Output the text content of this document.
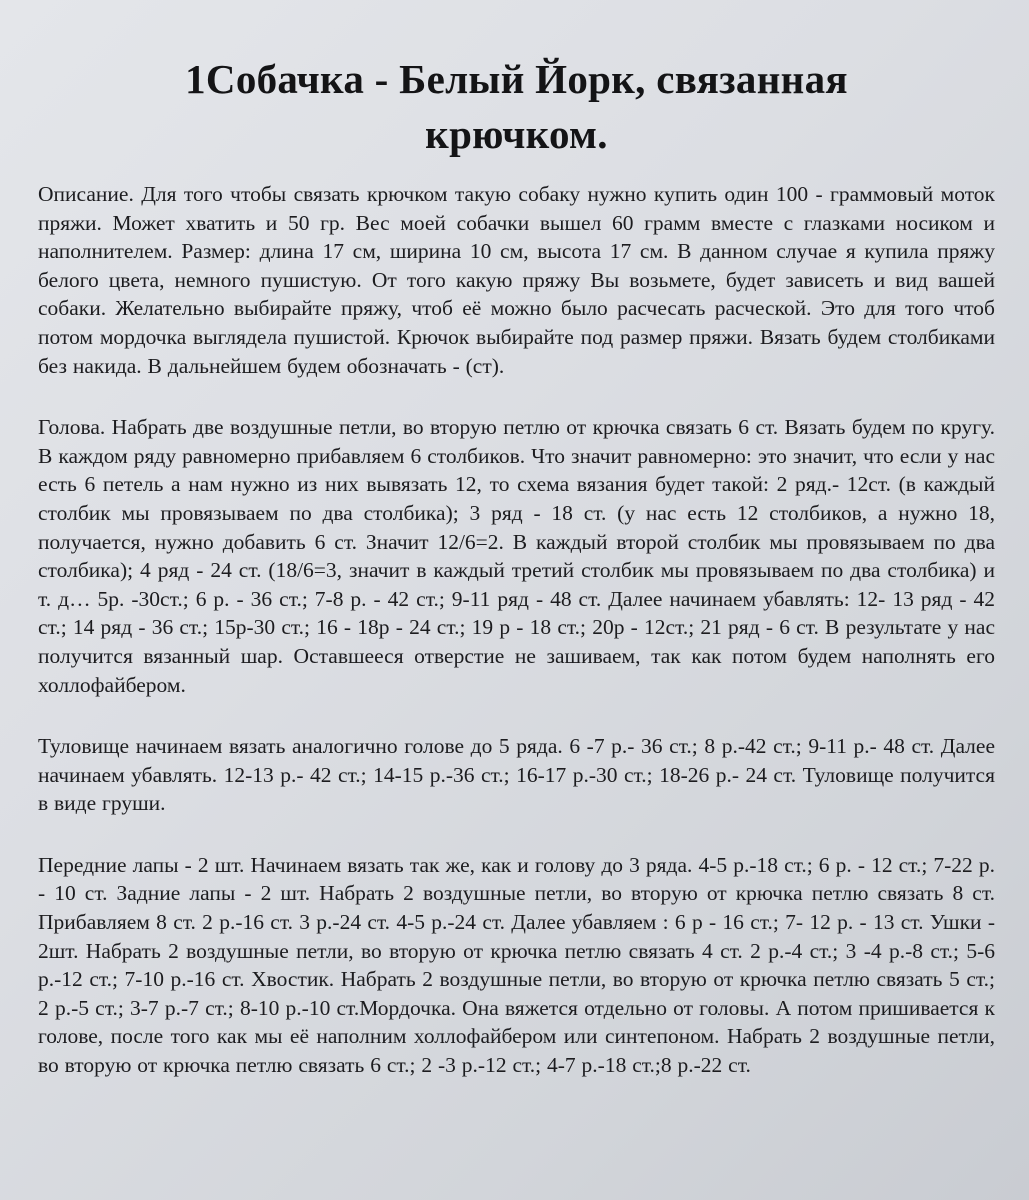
1Собачка - Белый Йорк, связанная крючком.

Описание. Для того чтобы связать крючком такую собаку нужно купить один 100 - граммовый моток пряжи. Может хватить и 50 гр. Вес моей собачки вышел 60 грамм вместе с глазками носиком и наполнителем. Размер: длина 17 см, ширина 10 см, высота 17 см. В данном случае я купила пряжу белого цвета, немного пушистую. От того какую пряжу Вы возьмете, будет зависеть и вид вашей собаки. Желательно выбирайте пряжу, чтоб её можно было расчесать расческой. Это для того чтоб потом мордочка выглядела пушистой. Крючок выбирайте под размер пряжи. Вязать будем столбиками без накида. В дальнейшем будем обозначать - (ст).

Голова. Набрать две воздушные петли, во вторую петлю от крючка связать 6 ст. Вязать будем по кругу. В каждом ряду равномерно прибавляем 6 столбиков. Что значит равномерно: это значит, что если у нас есть 6 петель а нам нужно из них вывязать 12, то схема вязания будет такой: 2 ряд.- 12ст. (в каждый столбик мы провязываем по два столбика); 3 ряд - 18 ст. (у нас есть 12 столбиков, а нужно 18, получается, нужно добавить 6 ст. Значит 12/6=2. В каждый второй столбик мы провязываем по два столбика); 4 ряд - 24 ст. (18/6=3, значит в каждый третий столбик мы провязываем по два столбика) и т. д… 5р. -30ст.; 6 р. - 36 ст.; 7-8 р. - 42 ст.; 9-11 ряд - 48 ст. Далее начинаем убавлять: 12- 13 ряд - 42 ст.; 14 ряд - 36 ст.; 15р-30 ст.; 16 - 18р - 24 ст.; 19 р - 18 ст.; 20р - 12ст.; 21 ряд - 6 ст. В результате у нас получится вязанный шар. Оставшееся отверстие не зашиваем, так как потом будем наполнять его холлофайбером.

Туловище начинаем вязать аналогично голове до 5 ряда. 6 -7 р.- 36 ст.; 8 р.-42 ст.; 9-11 р.- 48 ст. Далее начинаем убавлять. 12-13 р.- 42 ст.; 14-15 р.-36 ст.; 16-17 р.-30 ст.; 18-26 р.- 24 ст. Туловище получится в виде груши.

Передние лапы - 2 шт. Начинаем вязать так же, как и голову до 3 ряда. 4-5 р.-18 ст.; 6 р. - 12 ст.; 7-22 р. - 10 ст. Задние лапы - 2 шт. Набрать 2 воздушные петли, во вторую от крючка петлю связать 8 ст. Прибавляем 8 ст. 2 р.-16 ст. 3 р.-24 ст. 4-5 р.-24 ст. Далее убавляем : 6 р - 16 ст.; 7- 12 р. - 13 ст. Ушки - 2шт. Набрать 2 воздушные петли, во вторую от крючка петлю связать 4 ст. 2 р.-4 ст.; 3 -4 р.-8 ст.; 5-6 р.-12 ст.; 7-10 р.-16 ст. Хвостик. Набрать 2 воздушные петли, во вторую от крючка петлю связать 5 ст.; 2 р.-5 ст.; 3-7 р.-7 ст.; 8-10 р.-10 ст.Мордочка. Она вяжется отдельно от головы. А потом пришивается к голове, после того как мы её наполним холлофайбером или синтепоном. Набрать 2 воздушные петли, во вторую от крючка петлю связать 6 ст.; 2 -3 р.-12 ст.; 4-7 р.-18 ст.;8 р.-22 ст.
